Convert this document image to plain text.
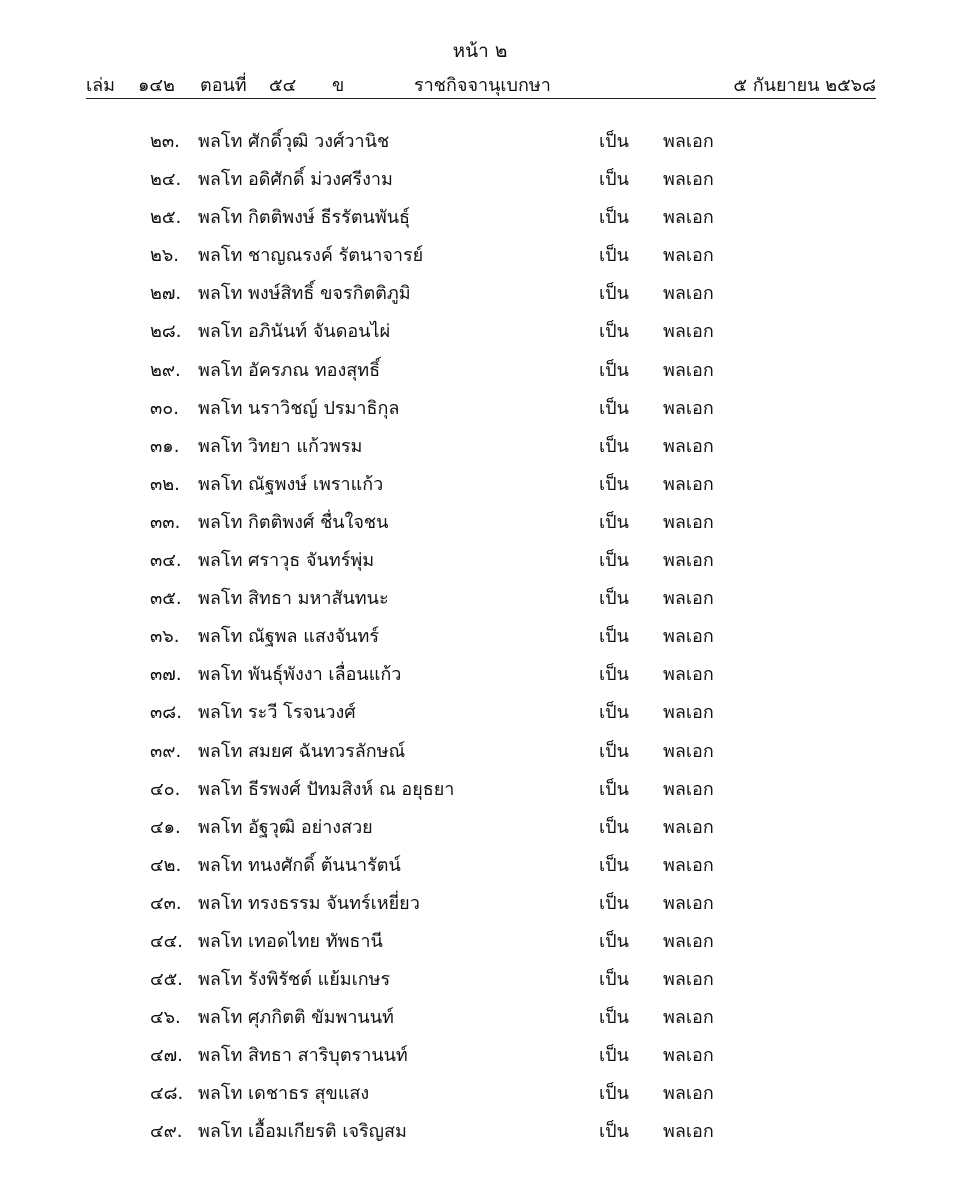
หน้า ๒
เล่ม ๑๔๒ ตอนที่ ๕๔ ข	ราชกิจจานุเบกษา	๕ กันยายน ๒๕๖๘
๒๓. พลโท ศักดิ์วุฒิ วงศ์วานิช	เป็น พลเอก
๒๔. พลโท อดิศักดิ์ ม่วงศรีงาม	เป็น พลเอก
๒๕. พลโท กิตติพงษ์ ธีรรัตนพันธุ์	เป็น พลเอก
๒๖. พลโท ชาญณรงค์ รัตนาจารย์	เป็น พลเอก
๒๗. พลโท พงษ์สิทธิ์ ขจรกิตติภูมิ	เป็น พลเอก
๒๘. พลโท อภินันท์ จันดอนไผ่	เป็น พลเอก
๒๙. พลโท อัครภณ ทองสุทธิ์	เป็น พลเอก
๓๐. พลโท นราวิชญ์ ปรมาธิกุล	เป็น พลเอก
๓๑. พลโท วิทยา แก้วพรม	เป็น พลเอก
๓๒. พลโท ณัฐพงษ์ เพราแก้ว	เป็น พลเอก
๓๓. พลโท กิตติพงศ์ ชื่นใจชน	เป็น พลเอก
๓๔. พลโท ศราวุธ จันทร์พุ่ม	เป็น พลเอก
๓๕. พลโท สิทธา มหาสันทนะ	เป็น พลเอก
๓๖. พลโท ณัฐพล แสงจันทร์	เป็น พลเอก
๓๗. พลโท พันธุ์พังงา เลื่อนแก้ว	เป็น พลเอก
๓๘. พลโท ระวี โรจนวงศ์	เป็น พลเอก
๓๙. พลโท สมยศ ฉันทวรลักษณ์	เป็น พลเอก
๔๐. พลโท ธีรพงศ์ ปัทมสิงห์ ณ อยุธยา	เป็น พลเอก
๔๑. พลโท อัฐวุฒิ อย่างสวย	เป็น พลเอก
๔๒. พลโท ทนงศักดิ์ ต้นนารัตน์	เป็น พลเอก
๔๓. พลโท ทรงธรรม จันทร์เหยี่ยว	เป็น พลเอก
๔๔. พลโท เทอดไทย ทัพธานี	เป็น พลเอก
๔๕. พลโท รังพิรัชต์ แย้มเกษร	เป็น พลเอก
๔๖. พลโท ศุภกิตติ ขัมพานนท์	เป็น พลเอก
๔๗. พลโท สิทธา สาริบุตรานนท์	เป็น พลเอก
๔๘. พลโท เดชาธร สุขแสง	เป็น พลเอก
๔๙. พลโท เอื้อมเกียรติ เจริญสม	เป็น พลเอก
